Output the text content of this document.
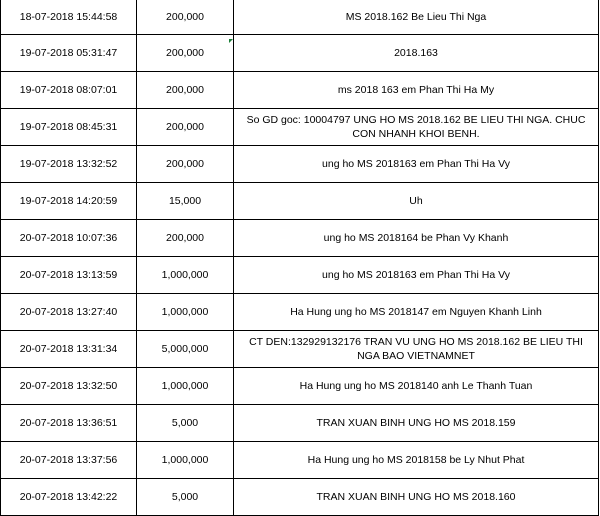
18-07-2018 15:44:58	200,000	MS 2018.162 Be Lieu Thi Nga
19-07-2018 05:31:47	200,000	2018.163
19-07-2018 08:07:01	200,000	ms 2018 163 em Phan Thi Ha My
19-07-2018 08:45:31	200,000	So GD goc: 10004797 UNG HO MS 2018.162 BE LIEU THI NGA. CHUC CON NHANH KHOI BENH.
19-07-2018 13:32:52	200,000	ung ho MS 2018163 em Phan Thi Ha Vy
19-07-2018 14:20:59	15,000	Uh
20-07-2018 10:07:36	200,000	ung ho MS 2018164 be Phan Vy Khanh
20-07-2018 13:13:59	1,000,000	ung ho MS 2018163 em Phan Thi Ha Vy
20-07-2018 13:27:40	1,000,000	Ha Hung ung ho MS 2018147 em Nguyen Khanh Linh
20-07-2018 13:31:34	5,000,000	CT DEN:132929132176 TRAN VU UNG HO MS 2018.162 BE LIEU THI NGA BAO VIETNAMNET
20-07-2018 13:32:50	1,000,000	Ha Hung ung ho MS 2018140 anh Le Thanh Tuan
20-07-2018 13:36:51	5,000	TRAN XUAN BINH UNG HO MS 2018.159
20-07-2018 13:37:56	1,000,000	Ha Hung ung ho MS 2018158 be Ly Nhut Phat
20-07-2018 13:42:22	5,000	TRAN XUAN BINH UNG HO MS 2018.160
